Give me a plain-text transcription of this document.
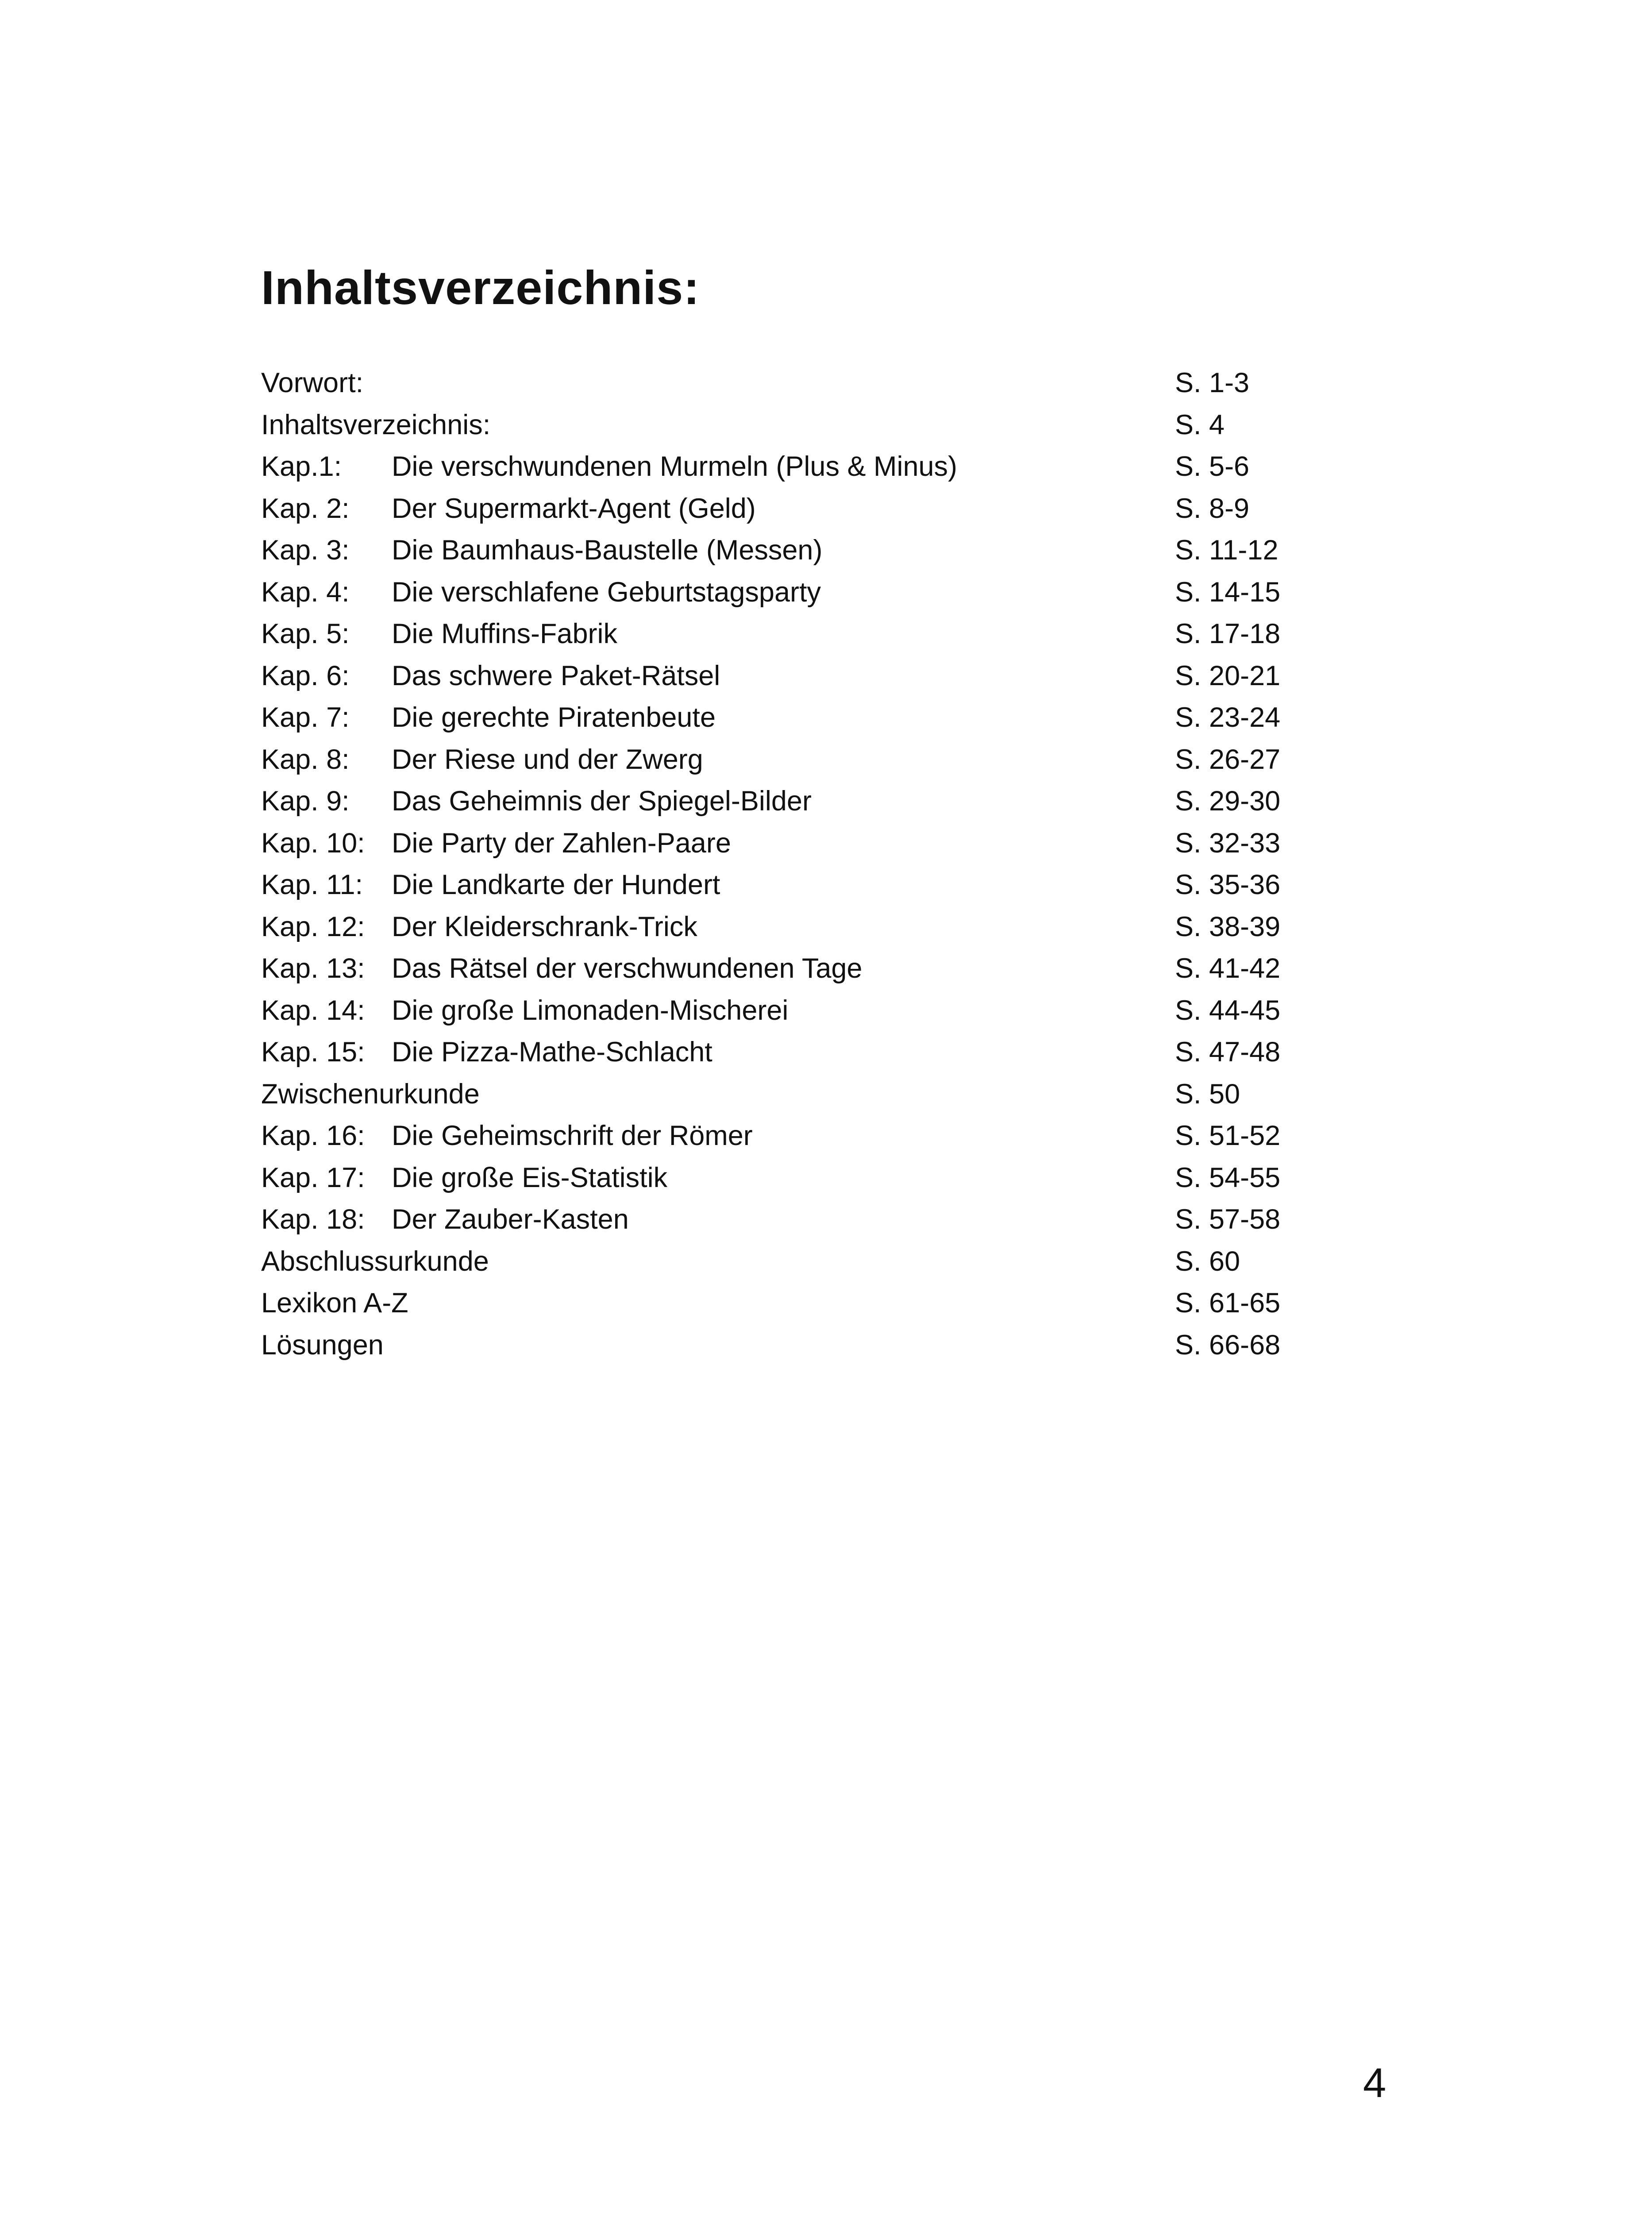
Inhaltsverzeichnis:
Vorwort:	S. 1-3
Inhaltsverzeichnis:	S. 4
Kap.1: Die verschwundenen Murmeln (Plus & Minus)	S. 5-6
Kap. 2: Der Supermarkt-Agent (Geld)	S. 8-9
Kap. 3: Die Baumhaus-Baustelle (Messen)	S. 11-12
Kap. 4: Die verschlafene Geburtstagsparty	S. 14-15
Kap. 5: Die Muffins-Fabrik	S. 17-18
Kap. 6: Das schwere Paket-Rätsel	S. 20-21
Kap. 7: Die gerechte Piratenbeute	S. 23-24
Kap. 8: Der Riese und der Zwerg	S. 26-27
Kap. 9: Das Geheimnis der Spiegel-Bilder	S. 29-30
Kap. 10: Die Party der Zahlen-Paare	S. 32-33
Kap. 11: Die Landkarte der Hundert	S. 35-36
Kap. 12: Der Kleiderschrank-Trick	S. 38-39
Kap. 13: Das Rätsel der verschwundenen Tage	S. 41-42
Kap. 14: Die große Limonaden-Mischerei	S. 44-45
Kap. 15: Die Pizza-Mathe-Schlacht	S. 47-48
Zwischenurkunde	S. 50
Kap. 16: Die Geheimschrift der Römer	S. 51-52
Kap. 17: Die große Eis-Statistik	S. 54-55
Kap. 18: Der Zauber-Kasten	S. 57-58
Abschlussurkunde	S. 60
Lexikon A-Z	S. 61-65
Lösungen	S. 66-68
4
